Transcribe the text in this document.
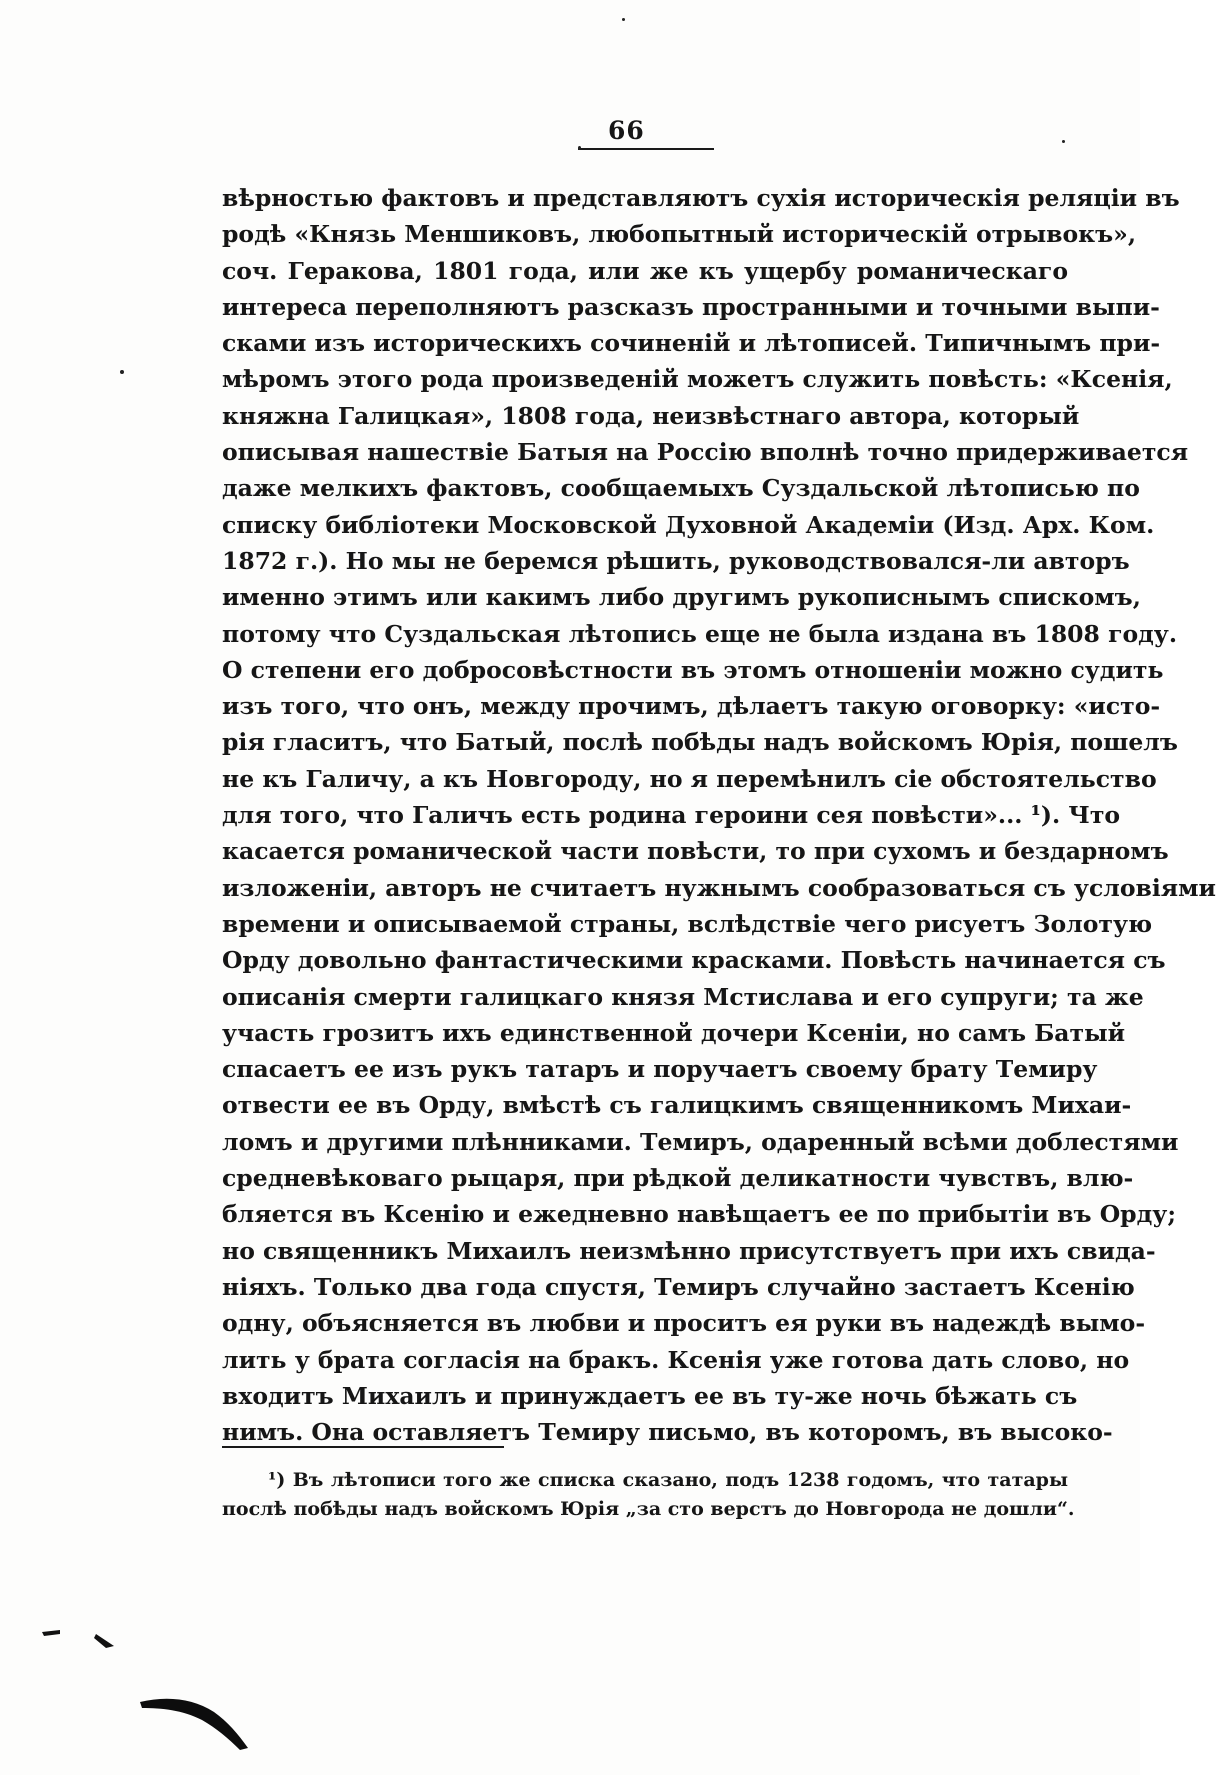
66
вѣрностью фактовъ и представляютъ сухія историческія реляціи въ
родѣ «Князь Меншиковъ, любопытный историческій отрывокъ»,
соч. Геракова, 1801 года, или же къ ущербу романическаго
интереса переполняютъ разсказъ пространными и точными выпи-
сками изъ историческихъ сочиненій и лѣтописей. Типичнымъ при-
мѣромъ этого рода произведеній можетъ служить повѣсть: «Ксенія,
княжна Галицкая», 1808 года, неизвѣстнаго автора, который
описывая нашествіе Батыя на Россію вполнѣ точно придерживается
даже мелкихъ фактовъ, сообщаемыхъ Суздальской лѣтописью по
списку библіотеки Московской Духовной Академіи (Изд. Арх. Ком.
1872 г.). Но мы не беремся рѣшить, руководствовался-ли авторъ
именно этимъ или какимъ либо другимъ рукописнымъ спискомъ,
потому что Суздальская лѣтопись еще не была издана въ 1808 году.
О степени его добросовѣстности въ этомъ отношеніи можно судить
изъ того, что онъ, между прочимъ, дѣлаетъ такую оговорку: «исто-
рія гласитъ, что Батый, послѣ побѣды надъ войскомъ Юрія, пошелъ
не къ Галичу, а къ Новгороду, но я перемѣнилъ сіе обстоятельство
для того, что Галичъ есть родина героини сея повѣсти»... ¹). Что
касается романической части повѣсти, то при сухомъ и бездарномъ
изложеніи, авторъ не считаетъ нужнымъ сообразоваться съ условіями
времени и описываемой страны, вслѣдствіе чего рисуетъ Золотую
Орду довольно фантастическими красками. Повѣсть начинается съ
описанія смерти галицкаго князя Мстислава и его супруги; та же
участь грозитъ ихъ единственной дочери Ксеніи, но самъ Батый
спасаетъ ее изъ рукъ татаръ и поручаетъ своему брату Темиру
отвести ее въ Орду, вмѣстѣ съ галицкимъ священникомъ Михаи-
ломъ и другими плѣнниками. Темиръ, одаренный всѣми доблестями
средневѣковаго рыцаря, при рѣдкой деликатности чувствъ, влю-
бляется въ Ксенію и ежедневно навѣщаетъ ее по прибытіи въ Орду;
но священникъ Михаилъ неизмѣнно присутствуетъ при ихъ свида-
ніяхъ. Только два года спустя, Темиръ случайно застаетъ Ксенію
одну, объясняется въ любви и проситъ ея руки въ надеждѣ вымо-
лить у брата согласія на бракъ. Ксенія уже готова дать слово, но
входитъ Михаилъ и принуждаетъ ее въ ту-же ночь бѣжать съ
нимъ. Она оставляетъ Темиру письмо, въ которомъ, въ высоко-
¹) Въ лѣтописи того же списка сказано, подъ 1238 годомъ, что татары
послѣ побѣды надъ войскомъ Юрія „за сто верстъ до Новгорода не дошли“.
